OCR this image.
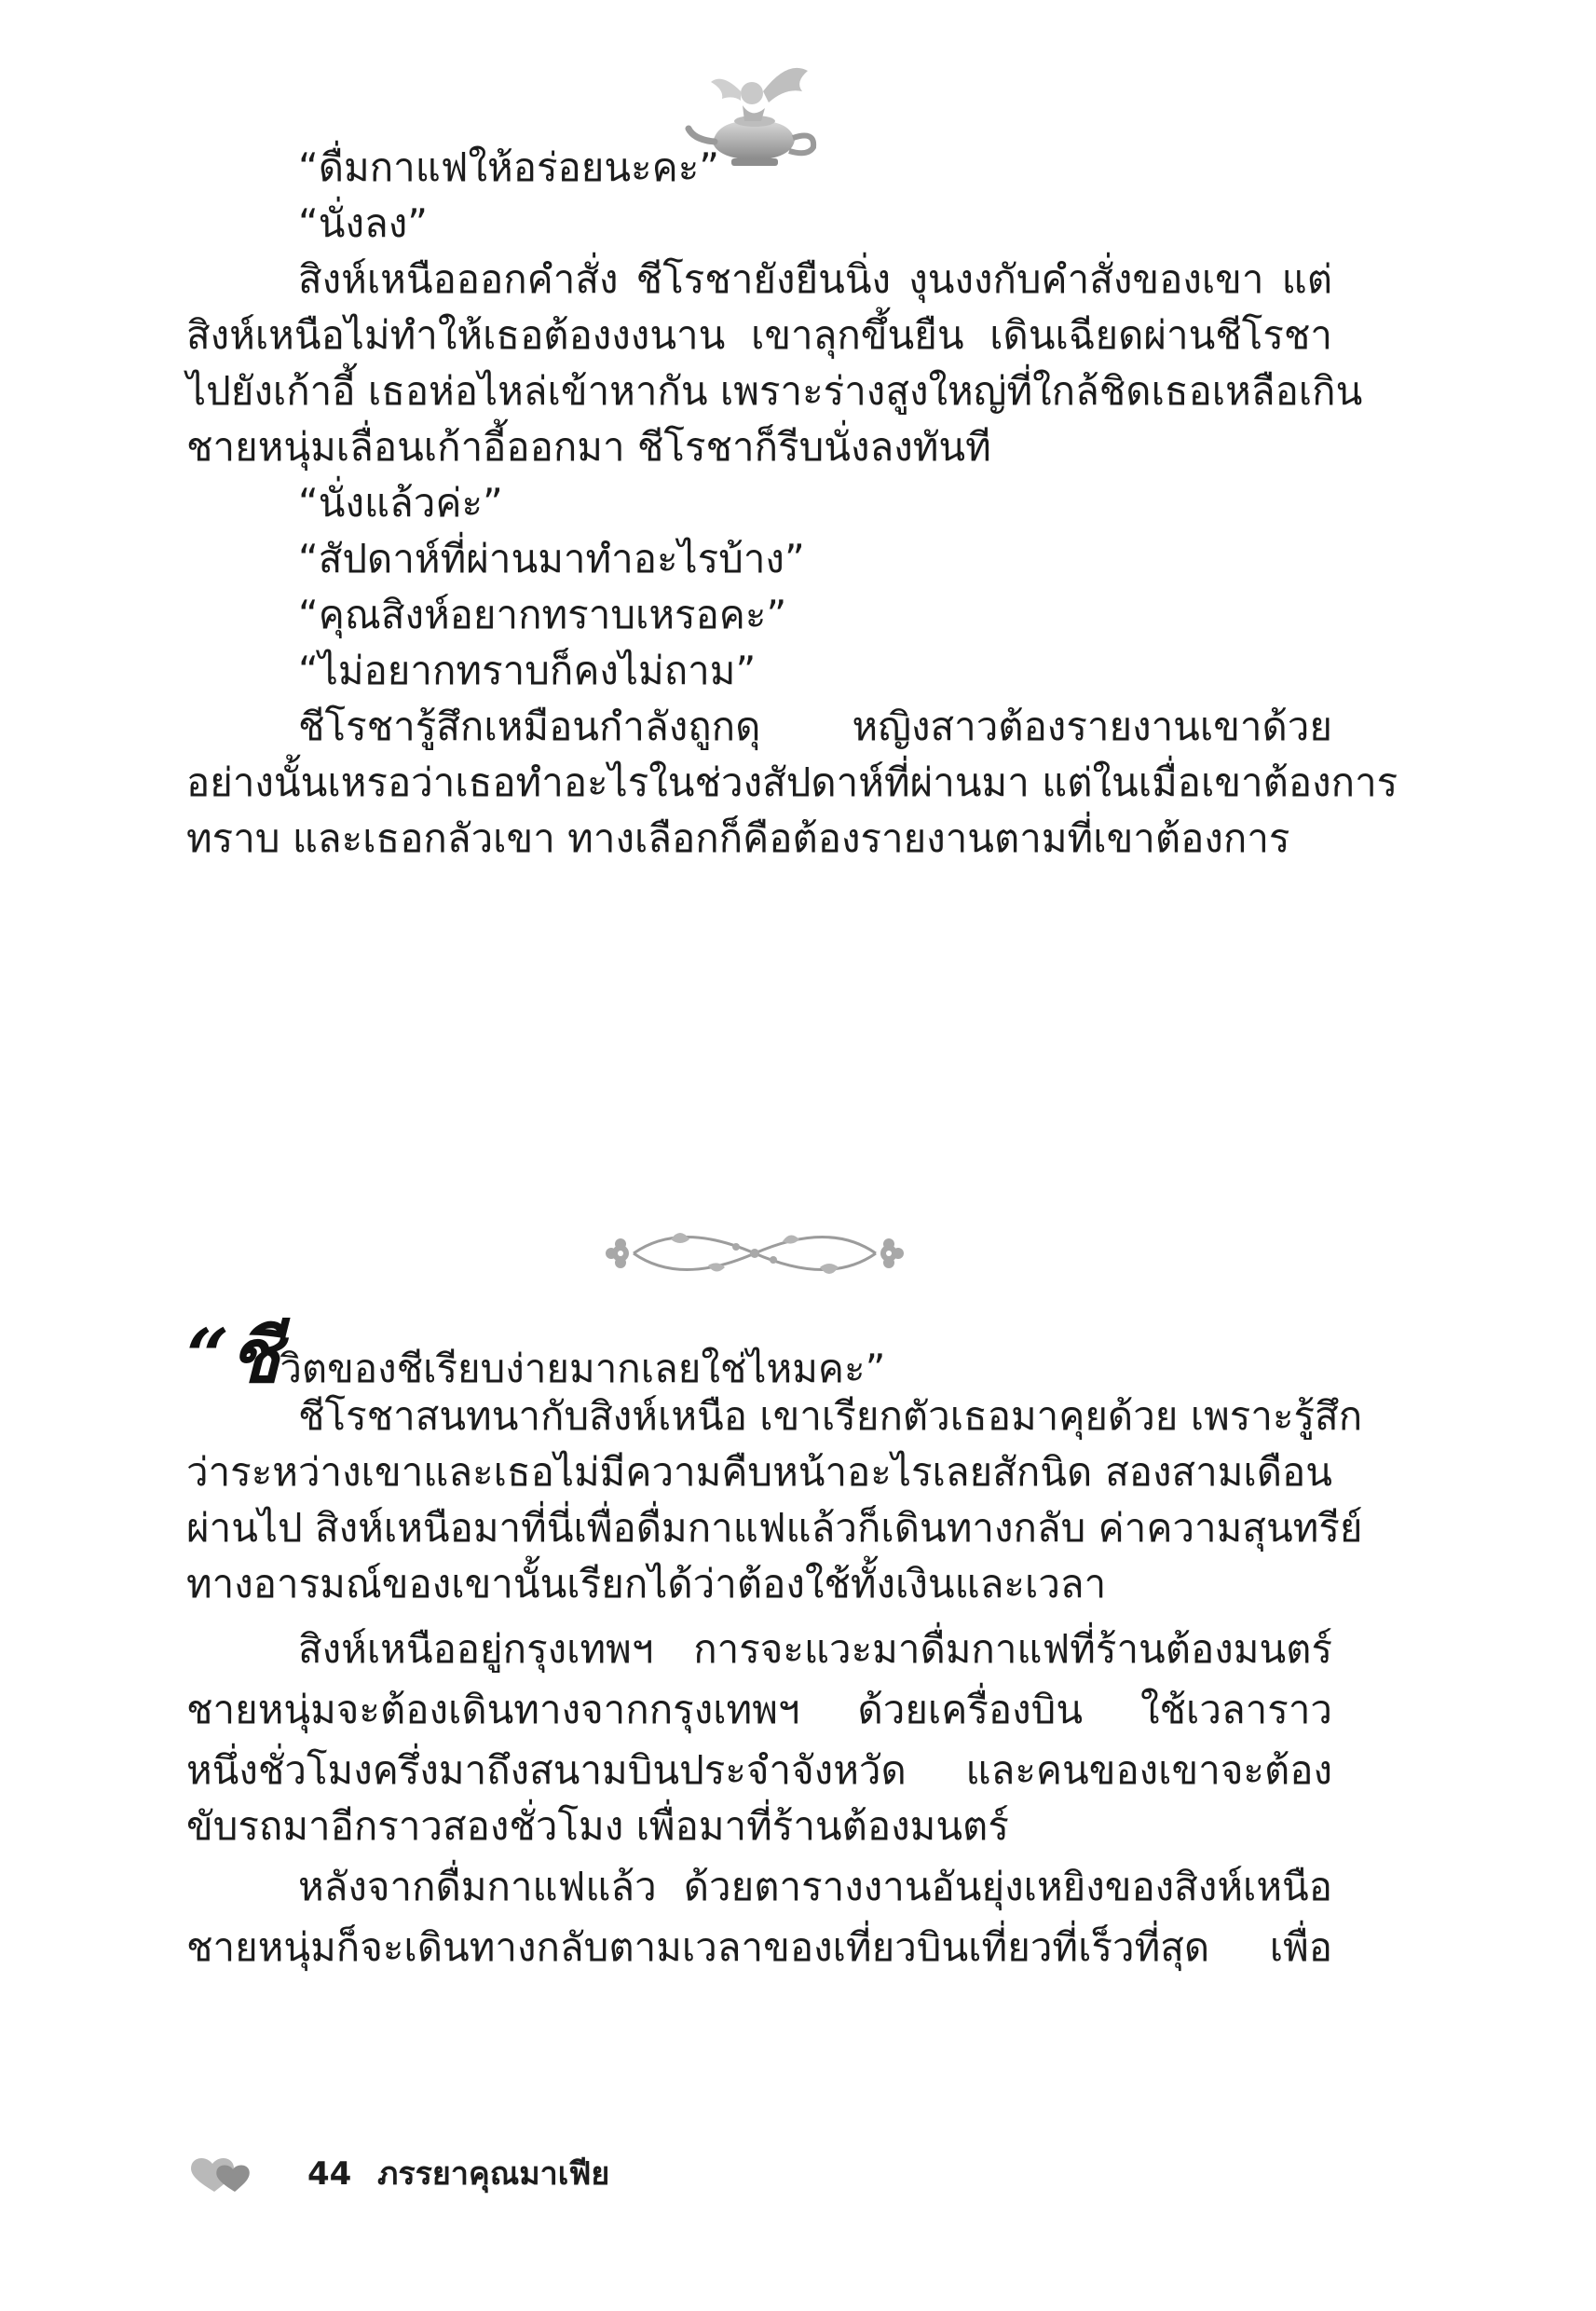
“ดื่มกาแฟให้อร่อยนะคะ”
“นั่งลง”
สิงห์เหนือออกคำสั่ง ชีโรชายังยืนนิ่ง งุนงงกับคำสั่งของเขา แต่
สิงห์เหนือไม่ทำให้เธอต้องงงนาน เขาลุกขึ้นยืน เดินเฉียดผ่านชีโรชา
ไปยังเก้าอี้ เธอห่อไหล่เข้าหากัน เพราะร่างสูงใหญ่ที่ใกล้ชิดเธอเหลือเกิน
ชายหนุ่มเลื่อนเก้าอี้ออกมา ชีโรชาก็รีบนั่งลงทันที
“นั่งแล้วค่ะ”
“สัปดาห์ที่ผ่านมาทำอะไรบ้าง”
“คุณสิงห์อยากทราบเหรอคะ”
“ไม่อยากทราบก็คงไม่ถาม”
ชีโรชารู้สึกเหมือนกำลังถูกดุ หญิงสาวต้องรายงานเขาด้วย
อย่างนั้นเหรอว่าเธอทำอะไรในช่วงสัปดาห์ที่ผ่านมา แต่ในเมื่อเขาต้องการ
ทราบ และเธอกลัวเขา ทางเลือกก็คือต้องรายงานตามที่เขาต้องการ
“ชีวิตของชีเรียบง่ายมากเลยใช่ไหมคะ”
ชีโรชาสนทนากับสิงห์เหนือ เขาเรียกตัวเธอมาคุยด้วย เพราะรู้สึก
ว่าระหว่างเขาและเธอไม่มีความคืบหน้าอะไรเลยสักนิด สองสามเดือน
ผ่านไป สิงห์เหนือมาที่นี่เพื่อดื่มกาแฟแล้วก็เดินทางกลับ ค่าความสุนทรีย์
ทางอารมณ์ของเขานั้นเรียกได้ว่าต้องใช้ทั้งเงินและเวลา
สิงห์เหนืออยู่กรุงเทพฯ การจะแวะมาดื่มกาแฟที่ร้านต้องมนตร์
ชายหนุ่มจะต้องเดินทางจากกรุงเทพฯ ด้วยเครื่องบิน ใช้เวลาราว
หนึ่งชั่วโมงครึ่งมาถึงสนามบินประจำจังหวัด และคนของเขาจะต้อง
ขับรถมาอีกราวสองชั่วโมง เพื่อมาที่ร้านต้องมนตร์
หลังจากดื่มกาแฟแล้ว ด้วยตารางงานอันยุ่งเหยิงของสิงห์เหนือ
ชายหนุ่มก็จะเดินทางกลับตามเวลาของเที่ยวบินเที่ยวที่เร็วที่สุด เพื่อ
44 ภรรยาคุณมาเฟีย
